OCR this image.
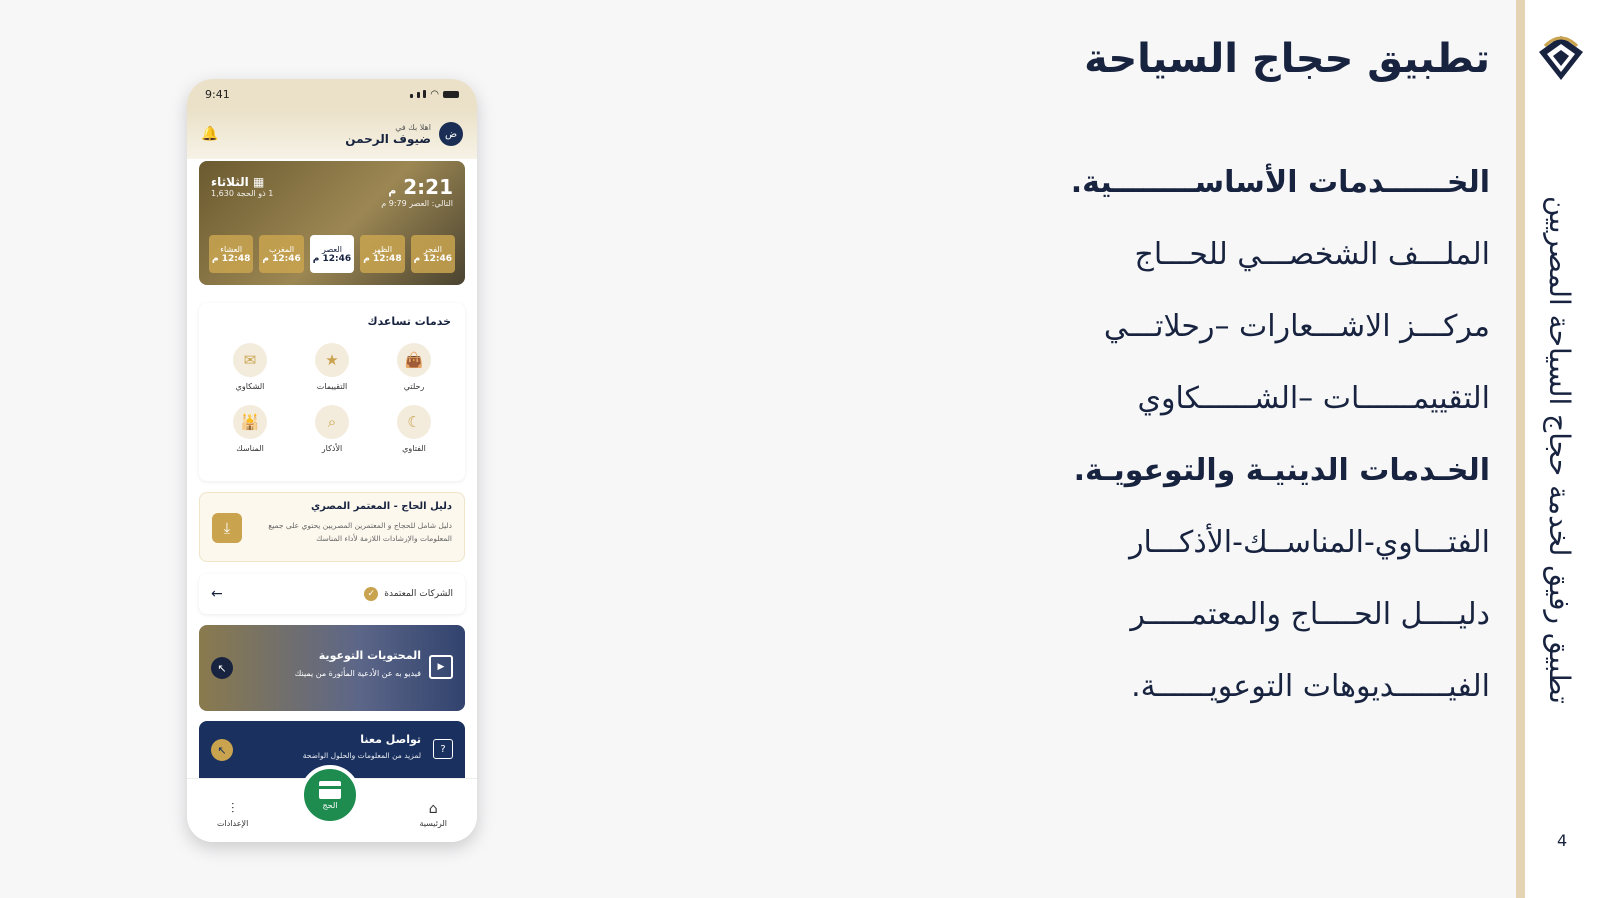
تطبيق رفيق لخدمة حجاج السياحة المصريين
4
تطبيق حجاج السياحة
الخــــــدمات الأساســــــــية.
الملـــف الشخصـــي للحـــاج
مركـــز الاشـــعارات –رحلاتـــي
التقييمــــــات –الشــــــكاوي
الخـدمات الدينيـة والتوعويـة.
الفتـــاوي-المناســك-الأذكـــار
دليــــل الحــــاج والمعتمـــــر
الفيــــــديوهات التوعويــــــة.
9:41
	◠
🔔	اهلا بك في
ضيوف الرحمن	ض
2:21 م
التالي: العصر 9:79 م
▦ الثلاثاء
1 ذو الحجة 1,630
الفجر
12:46 م
الظهر
12:48 م
العصر
12:46 م
المغرب
12:46 م
العشاء
12:48 م
خدمات تساعدك
👜
رحلتي
★
التقييمات
✉
الشكاوي
☾
الفتاوي
⌕
الأذكار
🕌
المناسك
دليل الحاج - المعتمر المصري
دليل شامل للحجاج و المعتمرين المصريين يحتوي على جميع المعلومات والإرشادات اللازمة لأداء المناسك
⤓
←	الشركات المعتمدة
✓
المحتويات التوعوية
فيديو به عن الأدعية المأثورة من يمينك
▶
↖
تواصل معنا
لمزيد من المعلومات والحلول الواضحة
?
↖
⫶
الإعدادات
⌂
الرئيسية
الحج
